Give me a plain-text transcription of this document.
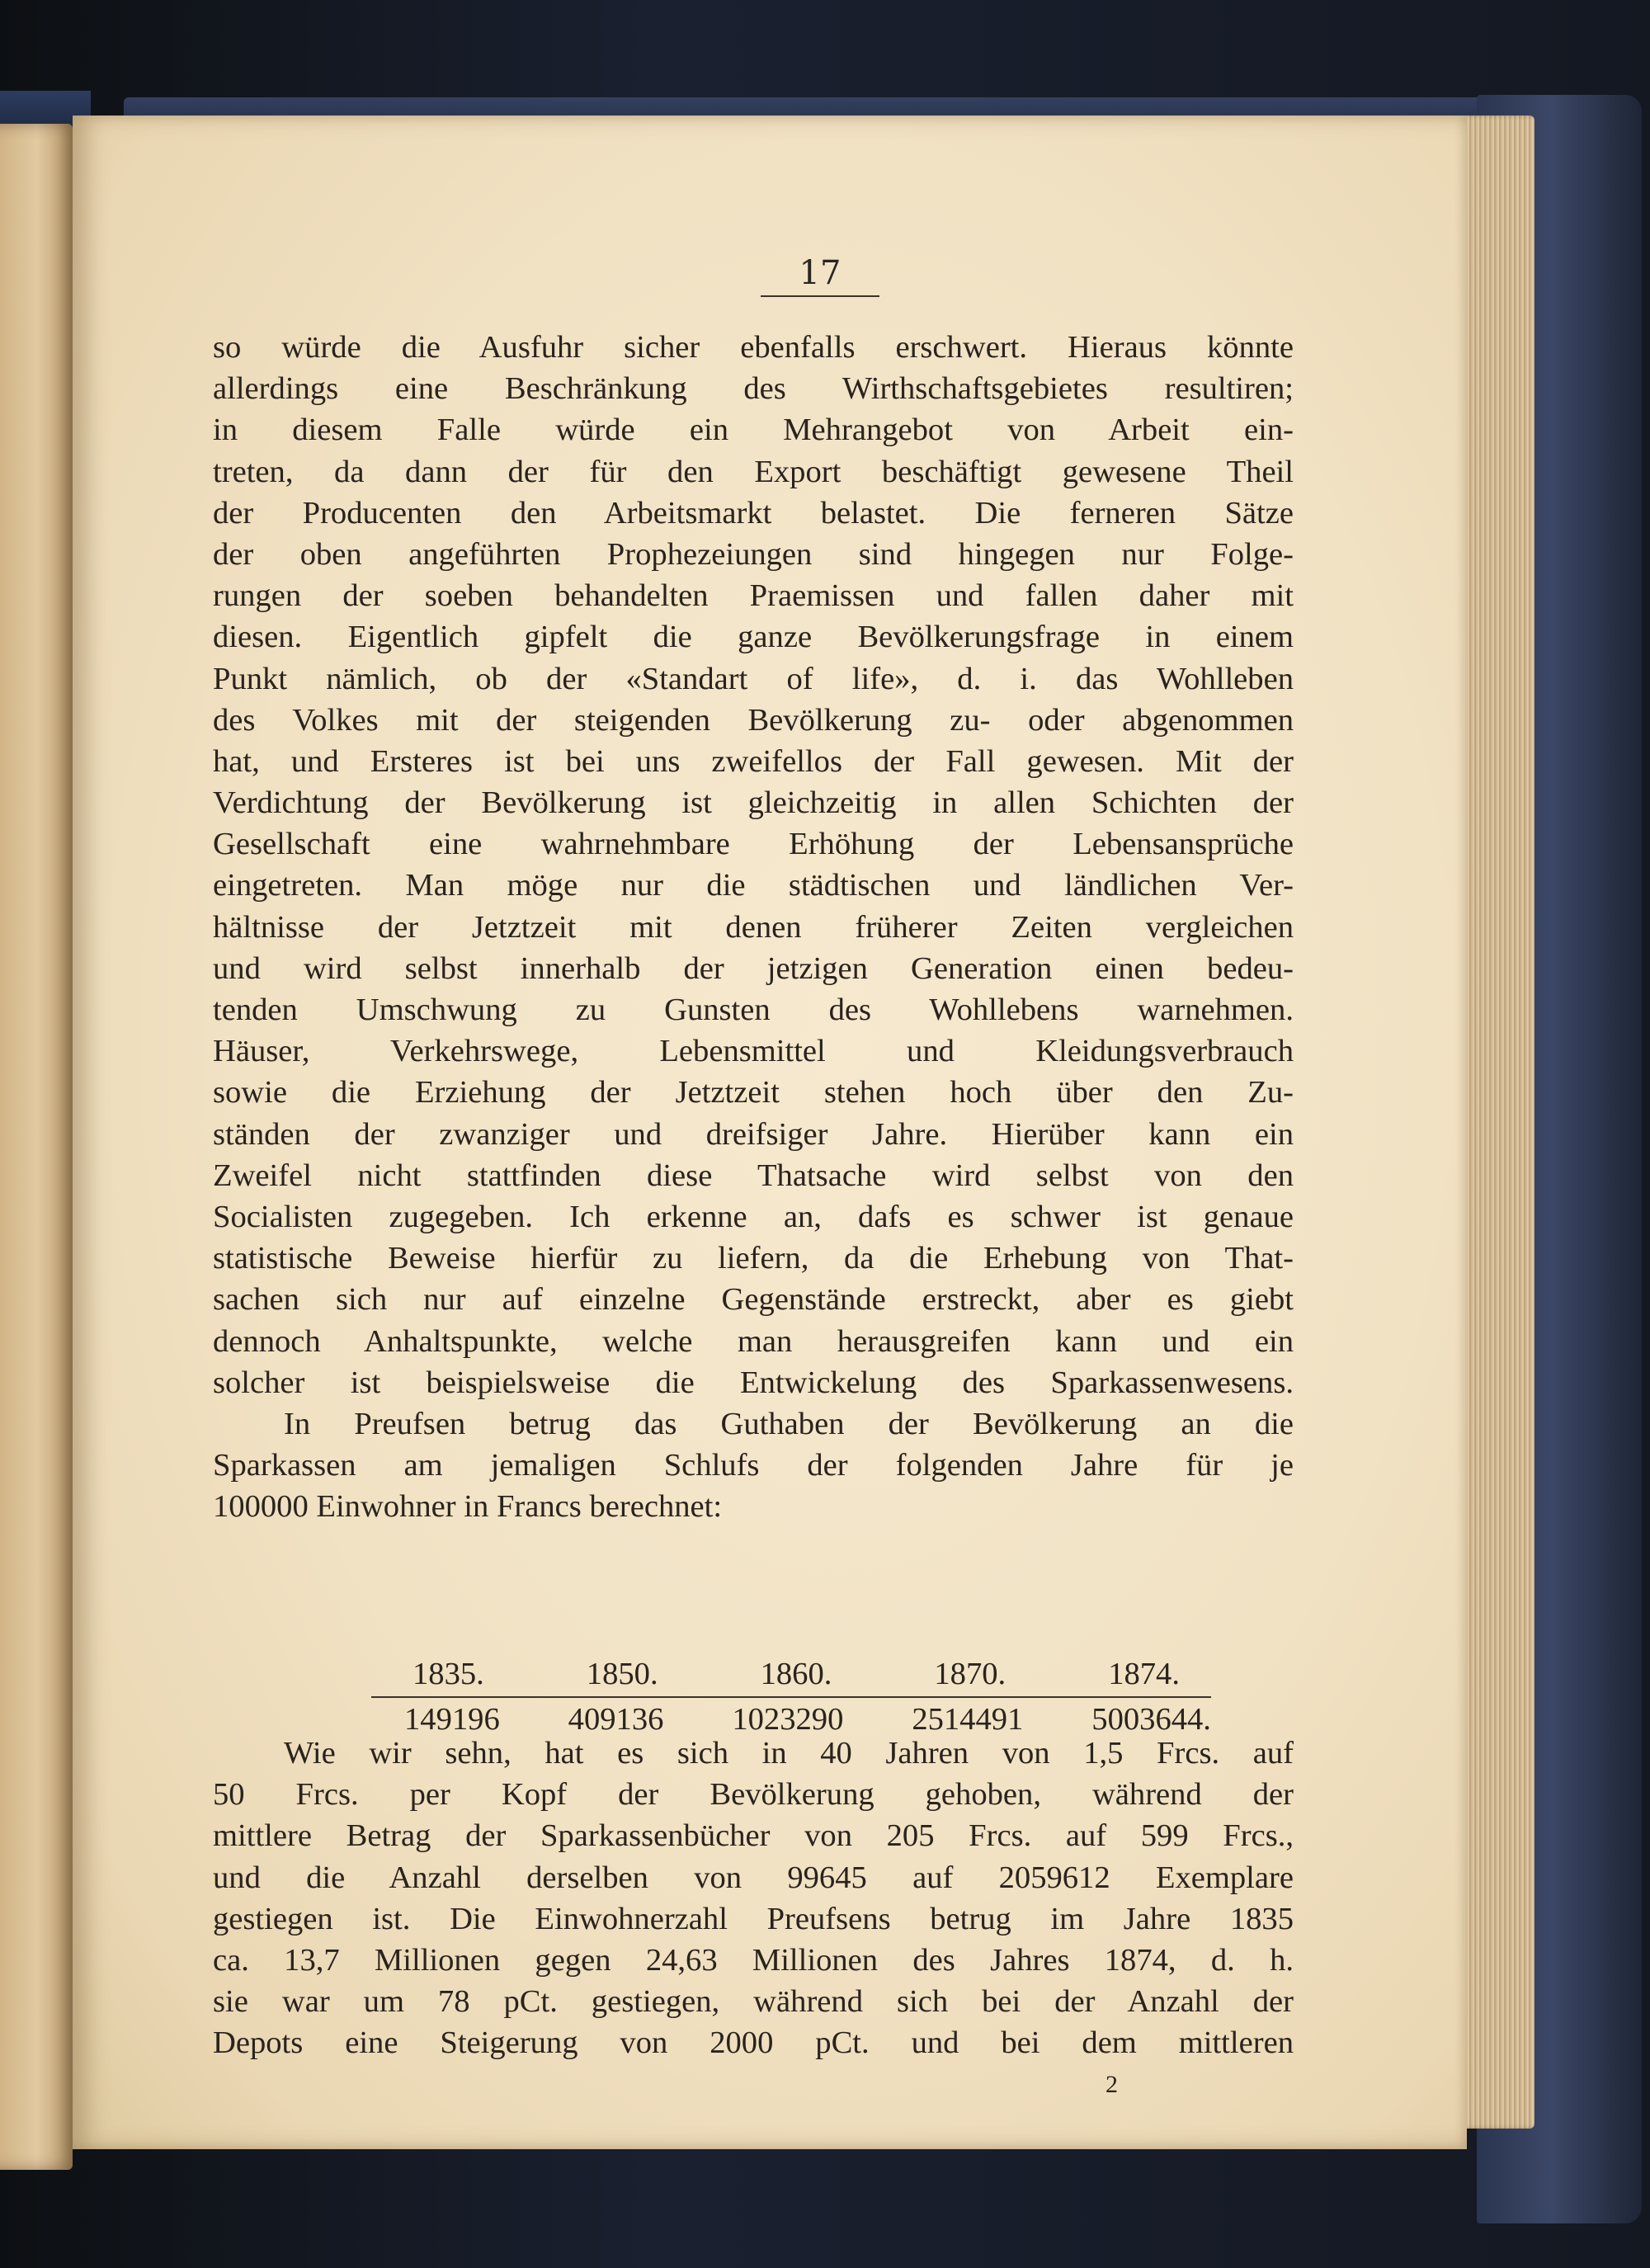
17
so würde die Ausfuhr sicher ebenfalls erschwert. Hieraus könnte
allerdings eine Beschränkung des Wirthschaftsgebietes resultiren;
in diesem Falle würde ein Mehrangebot von Arbeit ein-
treten, da dann der für den Export beschäftigt gewesene Theil
der Producenten den Arbeitsmarkt belastet. Die ferneren Sätze
der oben angeführten Prophezeiungen sind hingegen nur Folge-
rungen der soeben behandelten Praemissen und fallen daher mit
diesen. Eigentlich gipfelt die ganze Bevölkerungsfrage in einem
Punkt nämlich, ob der «Standart of life», d. i. das Wohlleben
des Volkes mit der steigenden Bevölkerung zu- oder abgenommen
hat, und Ersteres ist bei uns zweifellos der Fall gewesen. Mit der
Verdichtung der Bevölkerung ist gleichzeitig in allen Schichten der
Gesellschaft eine wahrnehmbare Erhöhung der Lebensansprüche
eingetreten. Man möge nur die städtischen und ländlichen Ver-
hältnisse der Jetztzeit mit denen früherer Zeiten vergleichen
und wird selbst innerhalb der jetzigen Generation einen bedeu-
tenden Umschwung zu Gunsten des Wohllebens warnehmen.
Häuser, Verkehrswege, Lebensmittel und Kleidungsverbrauch
sowie die Erziehung der Jetztzeit stehen hoch über den Zu-
ständen der zwanziger und dreifsiger Jahre. Hierüber kann ein
Zweifel nicht stattfinden diese Thatsache wird selbst von den
Socialisten zugegeben. Ich erkenne an, dafs es schwer ist genaue
statistische Beweise hierfür zu liefern, da die Erhebung von That-
sachen sich nur auf einzelne Gegenstände erstreckt, aber es giebt
dennoch Anhaltspunkte, welche man herausgreifen kann und ein
solcher ist beispielsweise die Entwickelung des Sparkassenwesens.
In Preufsen betrug das Guthaben der Bevölkerung an die
Sparkassen am jemaligen Schlufs der folgenden Jahre für je
100000 Einwohner in Francs berechnet:
1835.	1850.	1860.	1870.	1874.
149196 409136 1023290 2514491 5003644.
Wie wir sehn, hat es sich in 40 Jahren von 1,5 Frcs. auf
50 Frcs. per Kopf der Bevölkerung gehoben, während der
mittlere Betrag der Sparkassenbücher von 205 Frcs. auf 599 Frcs.,
und die Anzahl derselben von 99645 auf 2059612 Exemplare
gestiegen ist. Die Einwohnerzahl Preufsens betrug im Jahre 1835
ca. 13,7 Millionen gegen 24,63 Millionen des Jahres 1874, d. h.
sie war um 78 pCt. gestiegen, während sich bei der Anzahl der
Depots eine Steigerung von 2000 pCt. und bei dem mittleren
2
